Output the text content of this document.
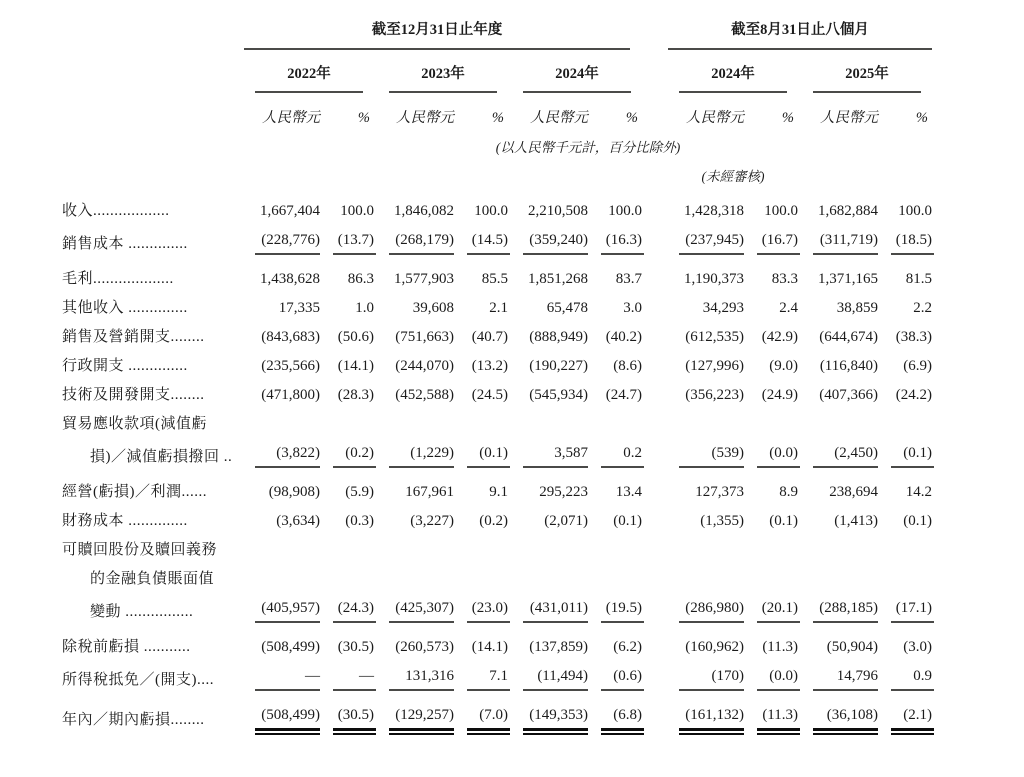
	截至12月31日止年度							截至8月31日止八個月			

	2022年		2023年		2024年			2024年		2025年	

	人民幣元	%	人民幣元	%	人民幣元	%		人民幣元	%	人民幣元	%
	(以人民幣千元計，百分比除外)										
								(未經審核)			
收入..................	1,667,404	100.0	1,846,082	100.0	2,210,508	100.0		1,428,318	100.0	1,682,884	100.0

銷售成本 ..............	(228,776)	(13.7)	(268,179)	(14.5)	(359,240)	(16.3)		(237,945)	(16.7)	(311,719)	(18.5)

毛利...................	1,438,628	86.3	1,577,903	85.5	1,851,268	83.7		1,190,373	83.3	1,371,165	81.5

其他收入 ..............	17,335	1.0	39,608	2.1	65,478	3.0		34,293	2.4	38,859	2.2

銷售及營銷開支........	(843,683)	(50.6)	(751,663)	(40.7)	(888,949)	(40.2)		(612,535)	(42.9)	(644,674)	(38.3)

行政開支 ..............	(235,566)	(14.1)	(244,070)	(13.2)	(190,227)	(8.6)		(127,996)	(9.0)	(116,840)	(6.9)

技術及開發開支........	(471,800)	(28.3)	(452,588)	(24.5)	(545,934)	(24.7)		(356,223)	(24.9)	(407,366)	(24.2)

貿易應收款項(減值虧	

損)／減值虧損撥回 ..	(3,822)	(0.2)	(1,229)	(0.1)	3,587	0.2		(539)	(0.0)	(2,450)	(0.1)

經營(虧損)／利潤......	(98,908)	(5.9)	167,961	9.1	295,223	13.4		127,373	8.9	238,694	14.2

財務成本 ..............	(3,634)	(0.3)	(3,227)	(0.2)	(2,071)	(0.1)		(1,355)	(0.1)	(1,413)	(0.1)

可贖回股份及贖回義務	

的金融負債賬面值	

變動 ................	(405,957)	(24.3)	(425,307)	(23.0)	(431,011)	(19.5)		(286,980)	(20.1)	(288,185)	(17.1)

除稅前虧損 ...........	(508,499)	(30.5)	(260,573)	(14.1)	(137,859)	(6.2)		(160,962)	(11.3)	(50,904)	(3.0)

所得稅抵免／(開支)....	—	—	131,316	7.1	(11,494)	(0.6)		(170)	(0.0)	14,796	0.9

年內／期內虧損........	(508,499)	(30.5)	(129,257)	(7.0)	(149,353)	(6.8)		(161,132)	(11.3)	(36,108)	(2.1)
